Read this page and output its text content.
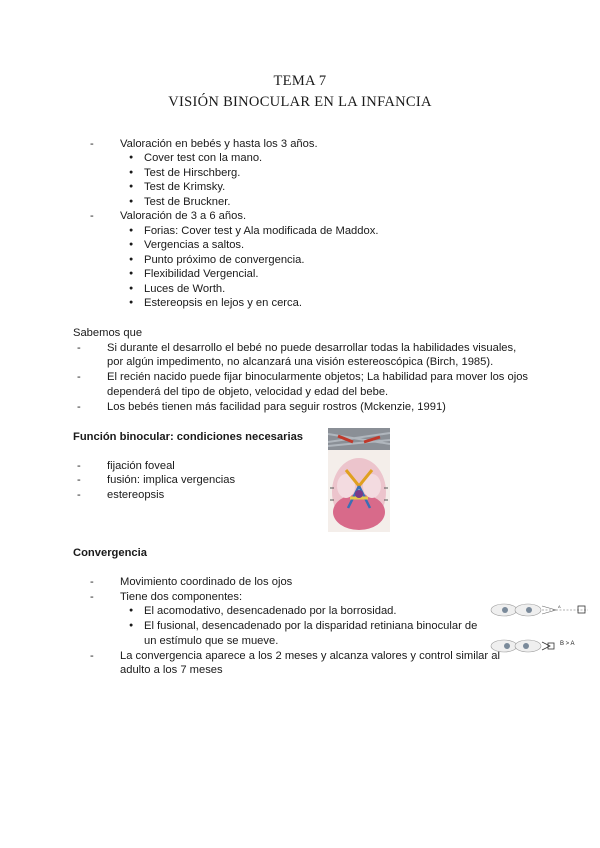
TEMA 7
VISIÓN BINOCULAR EN LA INFANCIA
- Valoración en bebés y hasta los 3 años.
● Cover test con la mano.
● Test de Hirschberg.
● Test de Krimsky.
● Test de Bruckner.
- Valoración de 3 a 6 años.
● Forias: Cover test y Ala modificada de Maddox.
● Vergencias a saltos.
● Punto próximo de convergencia.
● Flexibilidad Vergencial.
● Luces de Worth.
● Estereopsis en lejos y en cerca.
Sabemos que
- Si durante el desarrollo el bebé no puede desarrollar todas la habilidades visuales,
por algún impedimento, no alcanzará una visión estereoscópica (Birch, 1985).
- El recién nacido puede fijar binocularmente objetos; La habilidad para mover los ojos
dependerá del tipo de objeto, velocidad y edad del bebe.
- Los bebés tienen más facilidad para seguir rostros (Mckenzie, 1991)
Función binocular: condiciones necesarias
- fijación foveal
- fusión: implica vergencias
- estereopsis
Convergencia
- Movimiento coordinado de los ojos
- Tiene dos componentes:
● El acomodativo, desencadenado por la borrosidad.
● El fusional, desencadenado por la disparidad retiniana binocular de
un estímulo que se mueve.
- La convergencia aparece a los 2 meses y alcanza valores y control similar al
adulto a los 7 meses
A
B > A
